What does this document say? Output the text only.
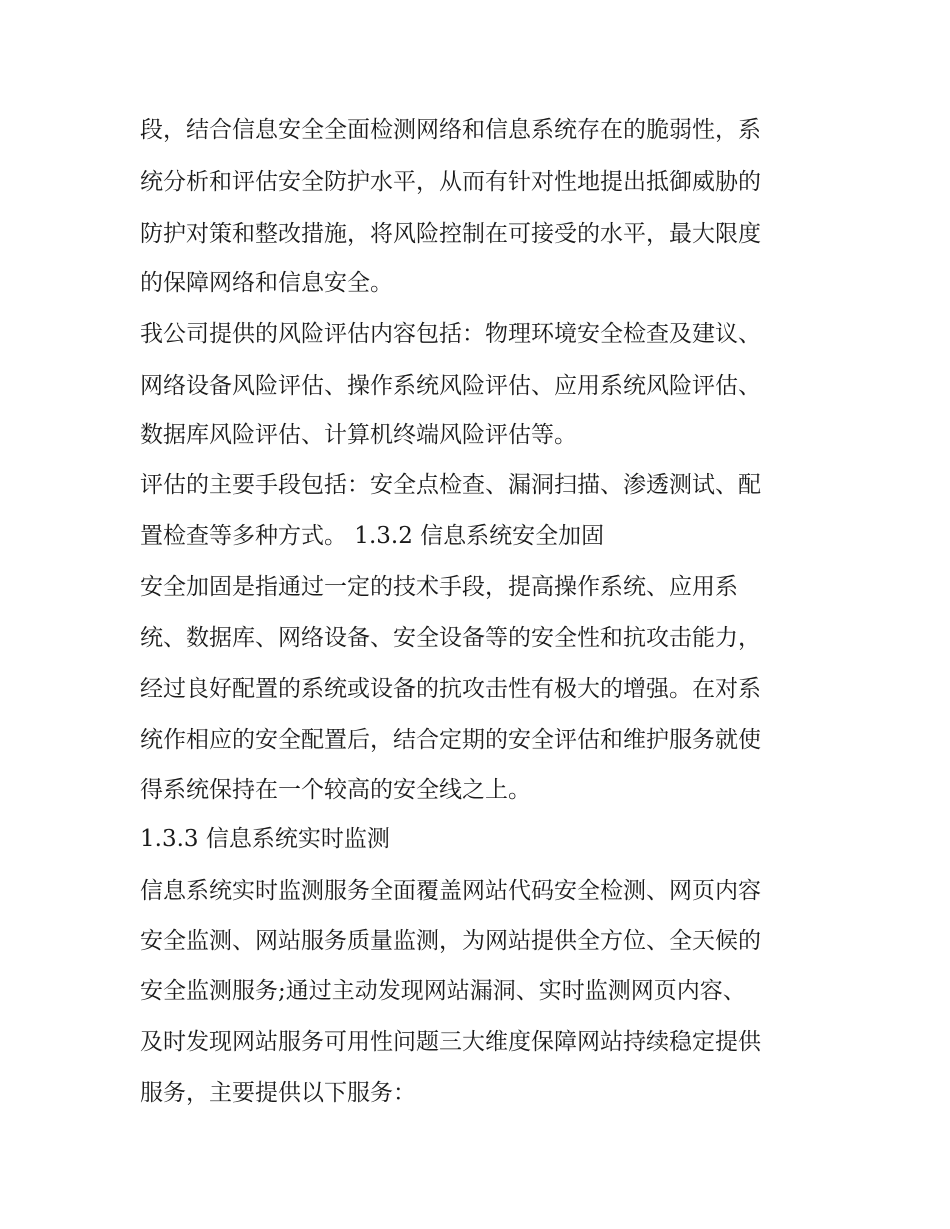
段，结合信息安全全面检测网络和信息系统存在的脆弱性，系

统分析和评估安全防护水平，从而有针对性地提出抵御威胁的

防护对策和整改措施，将风险控制在可接受的水平，最大限度

的保障网络和信息安全。

我公司提供的风险评估内容包括：物理环境安全检查及建议、

网络设备风险评估、操作系统风险评估、应用系统风险评估、

数据库风险评估、计算机终端风险评估等。

评估的主要手段包括：安全点检查、漏洞扫描、渗透测试、配

置检查等多种方式。 1.3.2 信息系统安全加固

安全加固是指通过一定的技术手段，提高操作系统、应用系

统、数据库、网络设备、安全设备等的安全性和抗攻击能力，

经过良好配置的系统或设备的抗攻击性有极大的增强。在对系

统作相应的安全配置后，结合定期的安全评估和维护服务就使

得系统保持在一个较高的安全线之上。

1.3.3 信息系统实时监测

信息系统实时监测服务全面覆盖网站代码安全检测、网页内容

安全监测、网站服务质量监测，为网站提供全方位、全天候的

安全监测服务;通过主动发现网站漏洞、实时监测网页内容、

及时发现网站服务可用性问题三大维度保障网站持续稳定提供

服务，主要提供以下服务：
